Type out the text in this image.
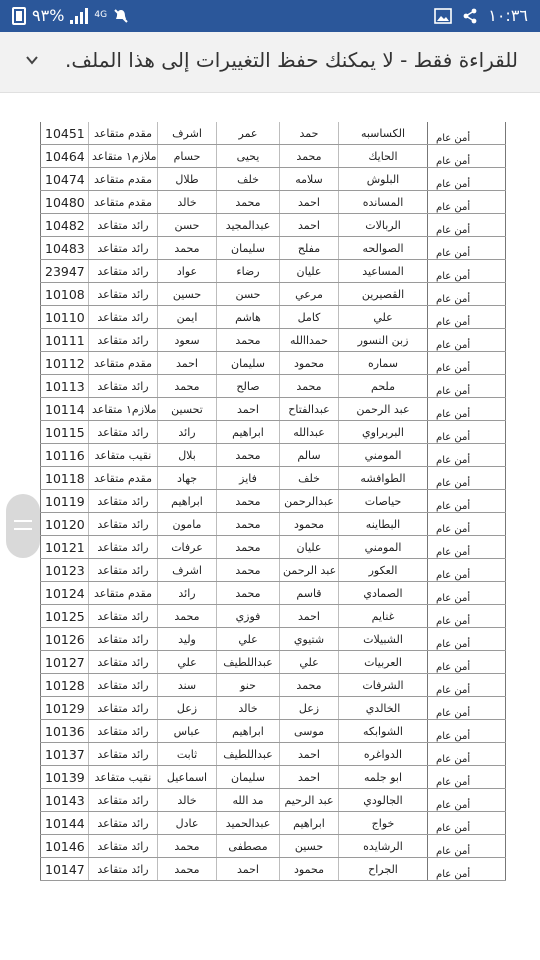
٩٣%	4G	١٠:٣٦
للقراءة فقط - لا يمكنك حفظ التغييرات إلى هذا الملف.
10451	مقدم متقاعد	اشرف	عمر	حمد	الكساسبه	أمن عام
10464	ملازم١ متقاعد	حسام	يحيى	محمد	الحايك	أمن عام
10474	مقدم متقاعد	طلال	خلف	سلامه	البلوش	أمن عام
10480	مقدم متقاعد	خالد	محمد	احمد	المسانده	أمن عام
10482	رائد متقاعد	حسن	عبدالمجيد	احمد	الربالات	أمن عام
10483	رائد متقاعد	محمد	سليمان	مفلح	الصوالحه	أمن عام
23947	رائد متقاعد	عواد	رضاء	عليان	المساعيد	أمن عام
10108	رائد متقاعد	حسين	حسن	مرعي	القصيرين	أمن عام
10110	رائد متقاعد	ايمن	هاشم	كامل	علي	أمن عام
10111	رائد متقاعد	سعود	محمد	حمداالله	زبن النسور	أمن عام
10112	مقدم متقاعد	احمد	سليمان	محمود	سماره	أمن عام
10113	رائد متقاعد	محمد	صالح	محمد	ملحم	أمن عام
10114	ملازم١ متقاعد	تحسين	احمد	عبدالفتاح	عبد الرحمن	أمن عام
10115	رائد متقاعد	رائد	ابراهيم	عبدالله	البربراوي	أمن عام
10116	نقيب متقاعد	بلال	محمد	سالم	المومني	أمن عام
10118	مقدم متقاعد	جهاد	فايز	خلف	الطوافشه	أمن عام
10119	رائد متقاعد	ابراهيم	محمد	عبدالرحمن	حياصات	أمن عام
10120	رائد متقاعد	مامون	محمد	محمود	البطاينه	أمن عام
10121	رائد متقاعد	عرفات	محمد	عليان	المومني	أمن عام
10123	رائد متقاعد	اشرف	محمد	عبد الرحمن	العكور	أمن عام
10124	مقدم متقاعد	رائد	محمد	قاسم	الصمادي	أمن عام
10125	رائد متقاعد	محمد	فوزي	احمد	غنايم	أمن عام
10126	رائد متقاعد	وليد	علي	شتيوي	الشبيلات	أمن عام
10127	رائد متقاعد	علي	عبداللطيف	علي	العربيات	أمن عام
10128	رائد متقاعد	سند	حنو	محمد	الشرفات	أمن عام
10129	رائد متقاعد	زعل	خالد	زعل	الخالدي	أمن عام
10136	رائد متقاعد	عباس	ابراهيم	موسى	الشوابكه	أمن عام
10137	رائد متقاعد	ثابت	عبداللطيف	احمد	الدواغره	أمن عام
10139	نقيب متقاعد	اسماعيل	سليمان	احمد	ابو جلمه	أمن عام
10143	رائد متقاعد	خالد	مد الله	عبد الرحيم	الجالودي	أمن عام
10144	رائد متقاعد	عادل	عبدالحميد	ابراهيم	خواج	أمن عام
10146	رائد متقاعد	محمد	مصطفى	حسين	الرشايده	أمن عام
10147	رائد متقاعد	محمد	احمد	محمود	الجراح	أمن عام
